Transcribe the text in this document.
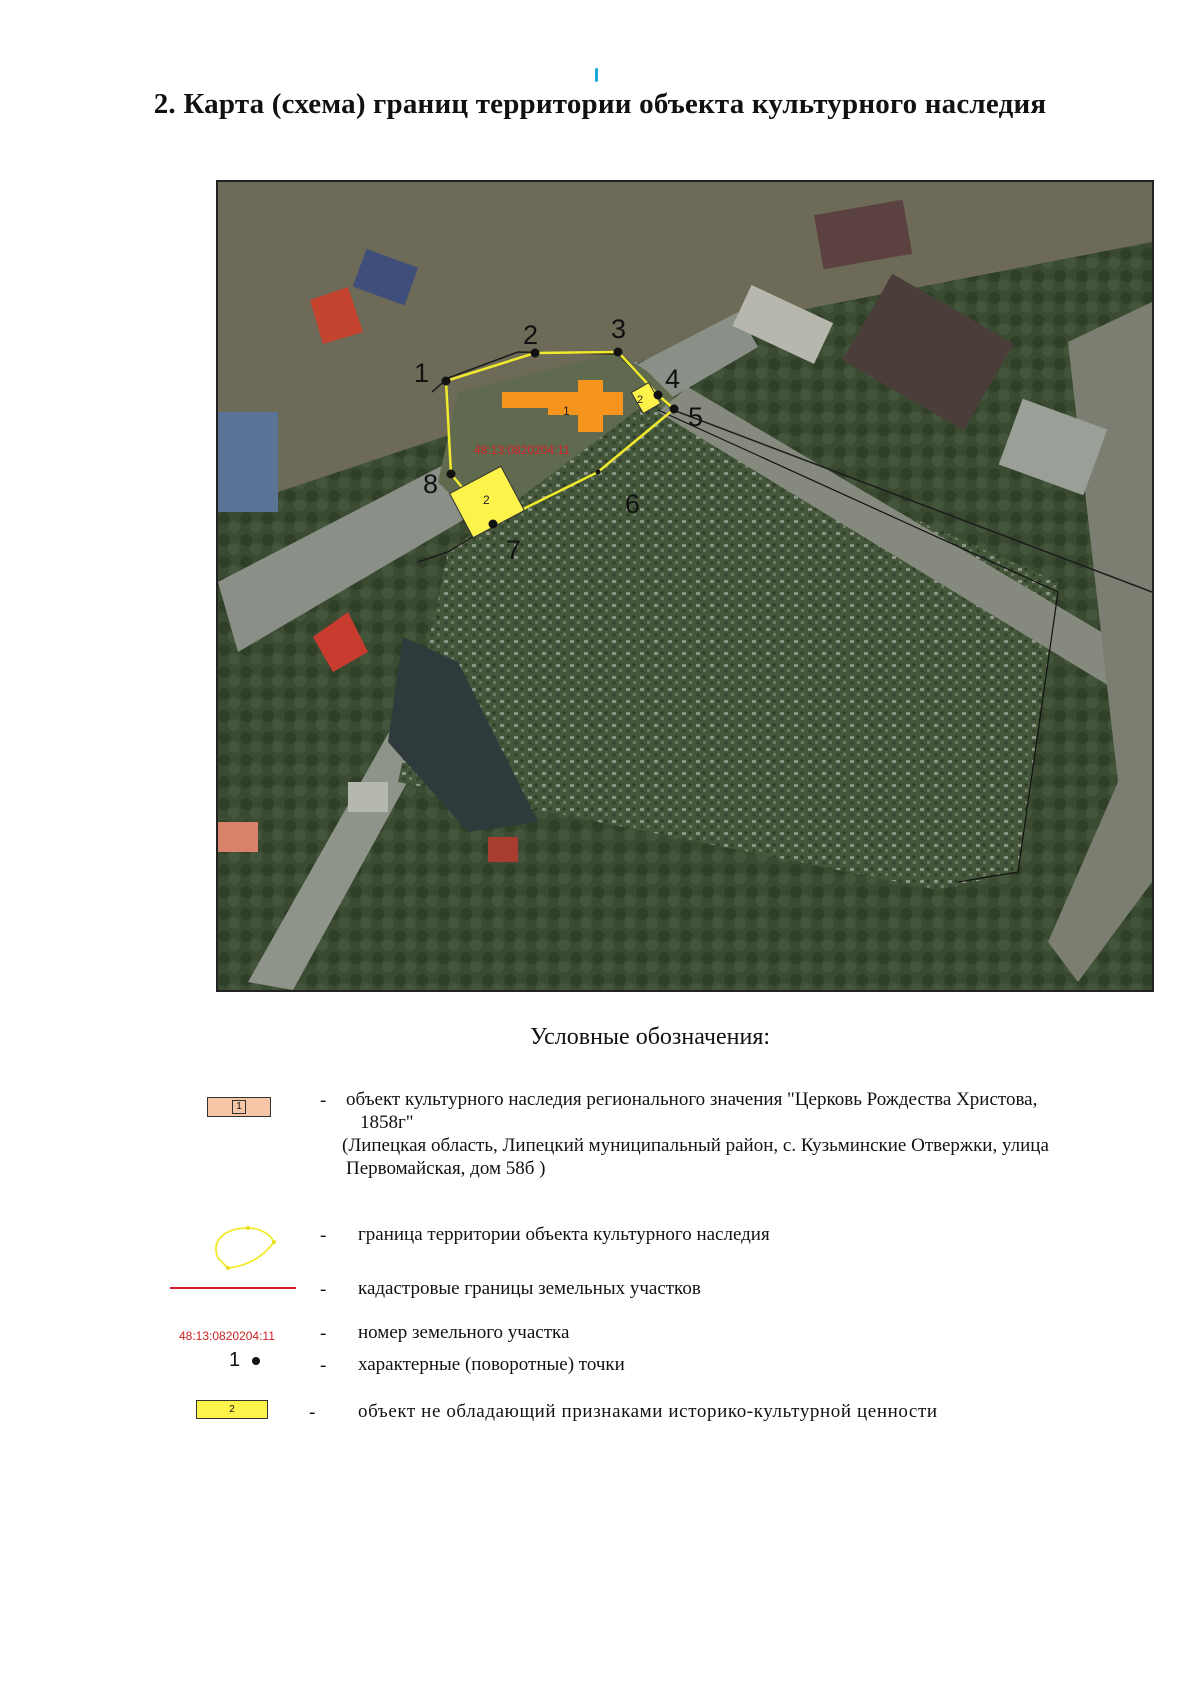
2. Карта (схема) границ территории объекта культурного наследия
1
2
2
48:13:0820204:11
1
2	3
4
5
6
7
8
Условные обозначения:
1	- объект культурного наследия регионального значения "Церковь Рождества Христова,
1858г"
(Липецкая область, Липецкий муниципальный район, с. Кузьминские Отвержки, улица
Первомайская, дом 58б )
- граница территории объекта культурного наследия
- кадастровые границы земельных участков
48:13:0820204:11 - номер земельного участка
1	- характерные (поворотные) точки
2	- объект не обладающий признаками историко-культурной ценности
